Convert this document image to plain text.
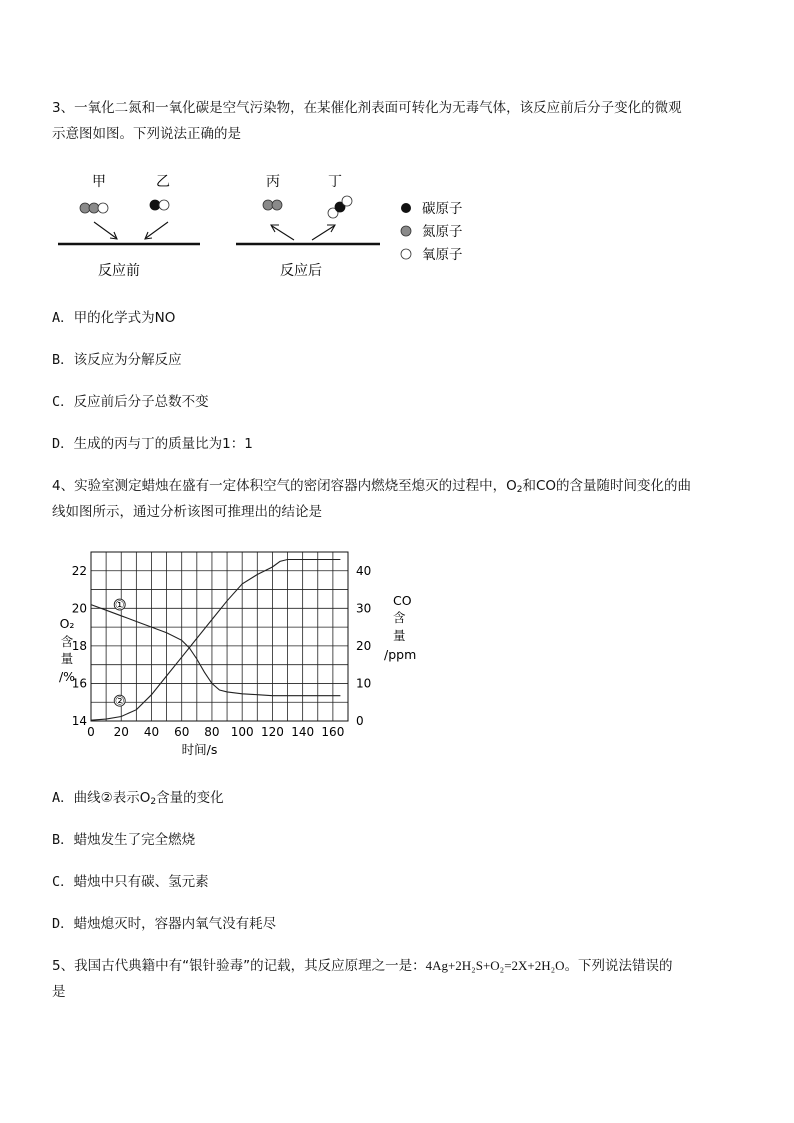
3、一氧化二氮和一氧化碳是空气污染物，在某催化剂表面可转化为无毒气体，该反应前后分子变化的微观
示意图如图。下列说法正确的是
甲	乙	丙	丁
反应前	反应后
碳原子
氮原子
氧原子
A．甲的化学式为NO
B．该反应为分解反应
C．反应前后分子总数不变
D．生成的丙与丁的质量比为1：1
4、实验室测定蜡烛在盛有一定体积空气的密闭容器内燃烧至熄灭的过程中，$O_2$和CO的含量随时间变化的曲
线如图所示，通过分析该图可推理出的结论是
0 20 40 60 80 100 120 140 160
14
16
18
20
22
0
10
20
30
40
时间/s
O₂
含
量
/%
CO
含
量
/ppm
①
②
A．曲线②表示$O_2$含量的变化
B．蜡烛发生了完全燃烧
C．蜡烛中只有碳、氢元素
D．蜡烛熄灭时，容器内氧气没有耗尽
5、我国古代典籍中有“银针验毒”的记载，其反应原理之一是：4Ag+2H₂S+O₂=2X+2H₂O。下列说法错误的
是
